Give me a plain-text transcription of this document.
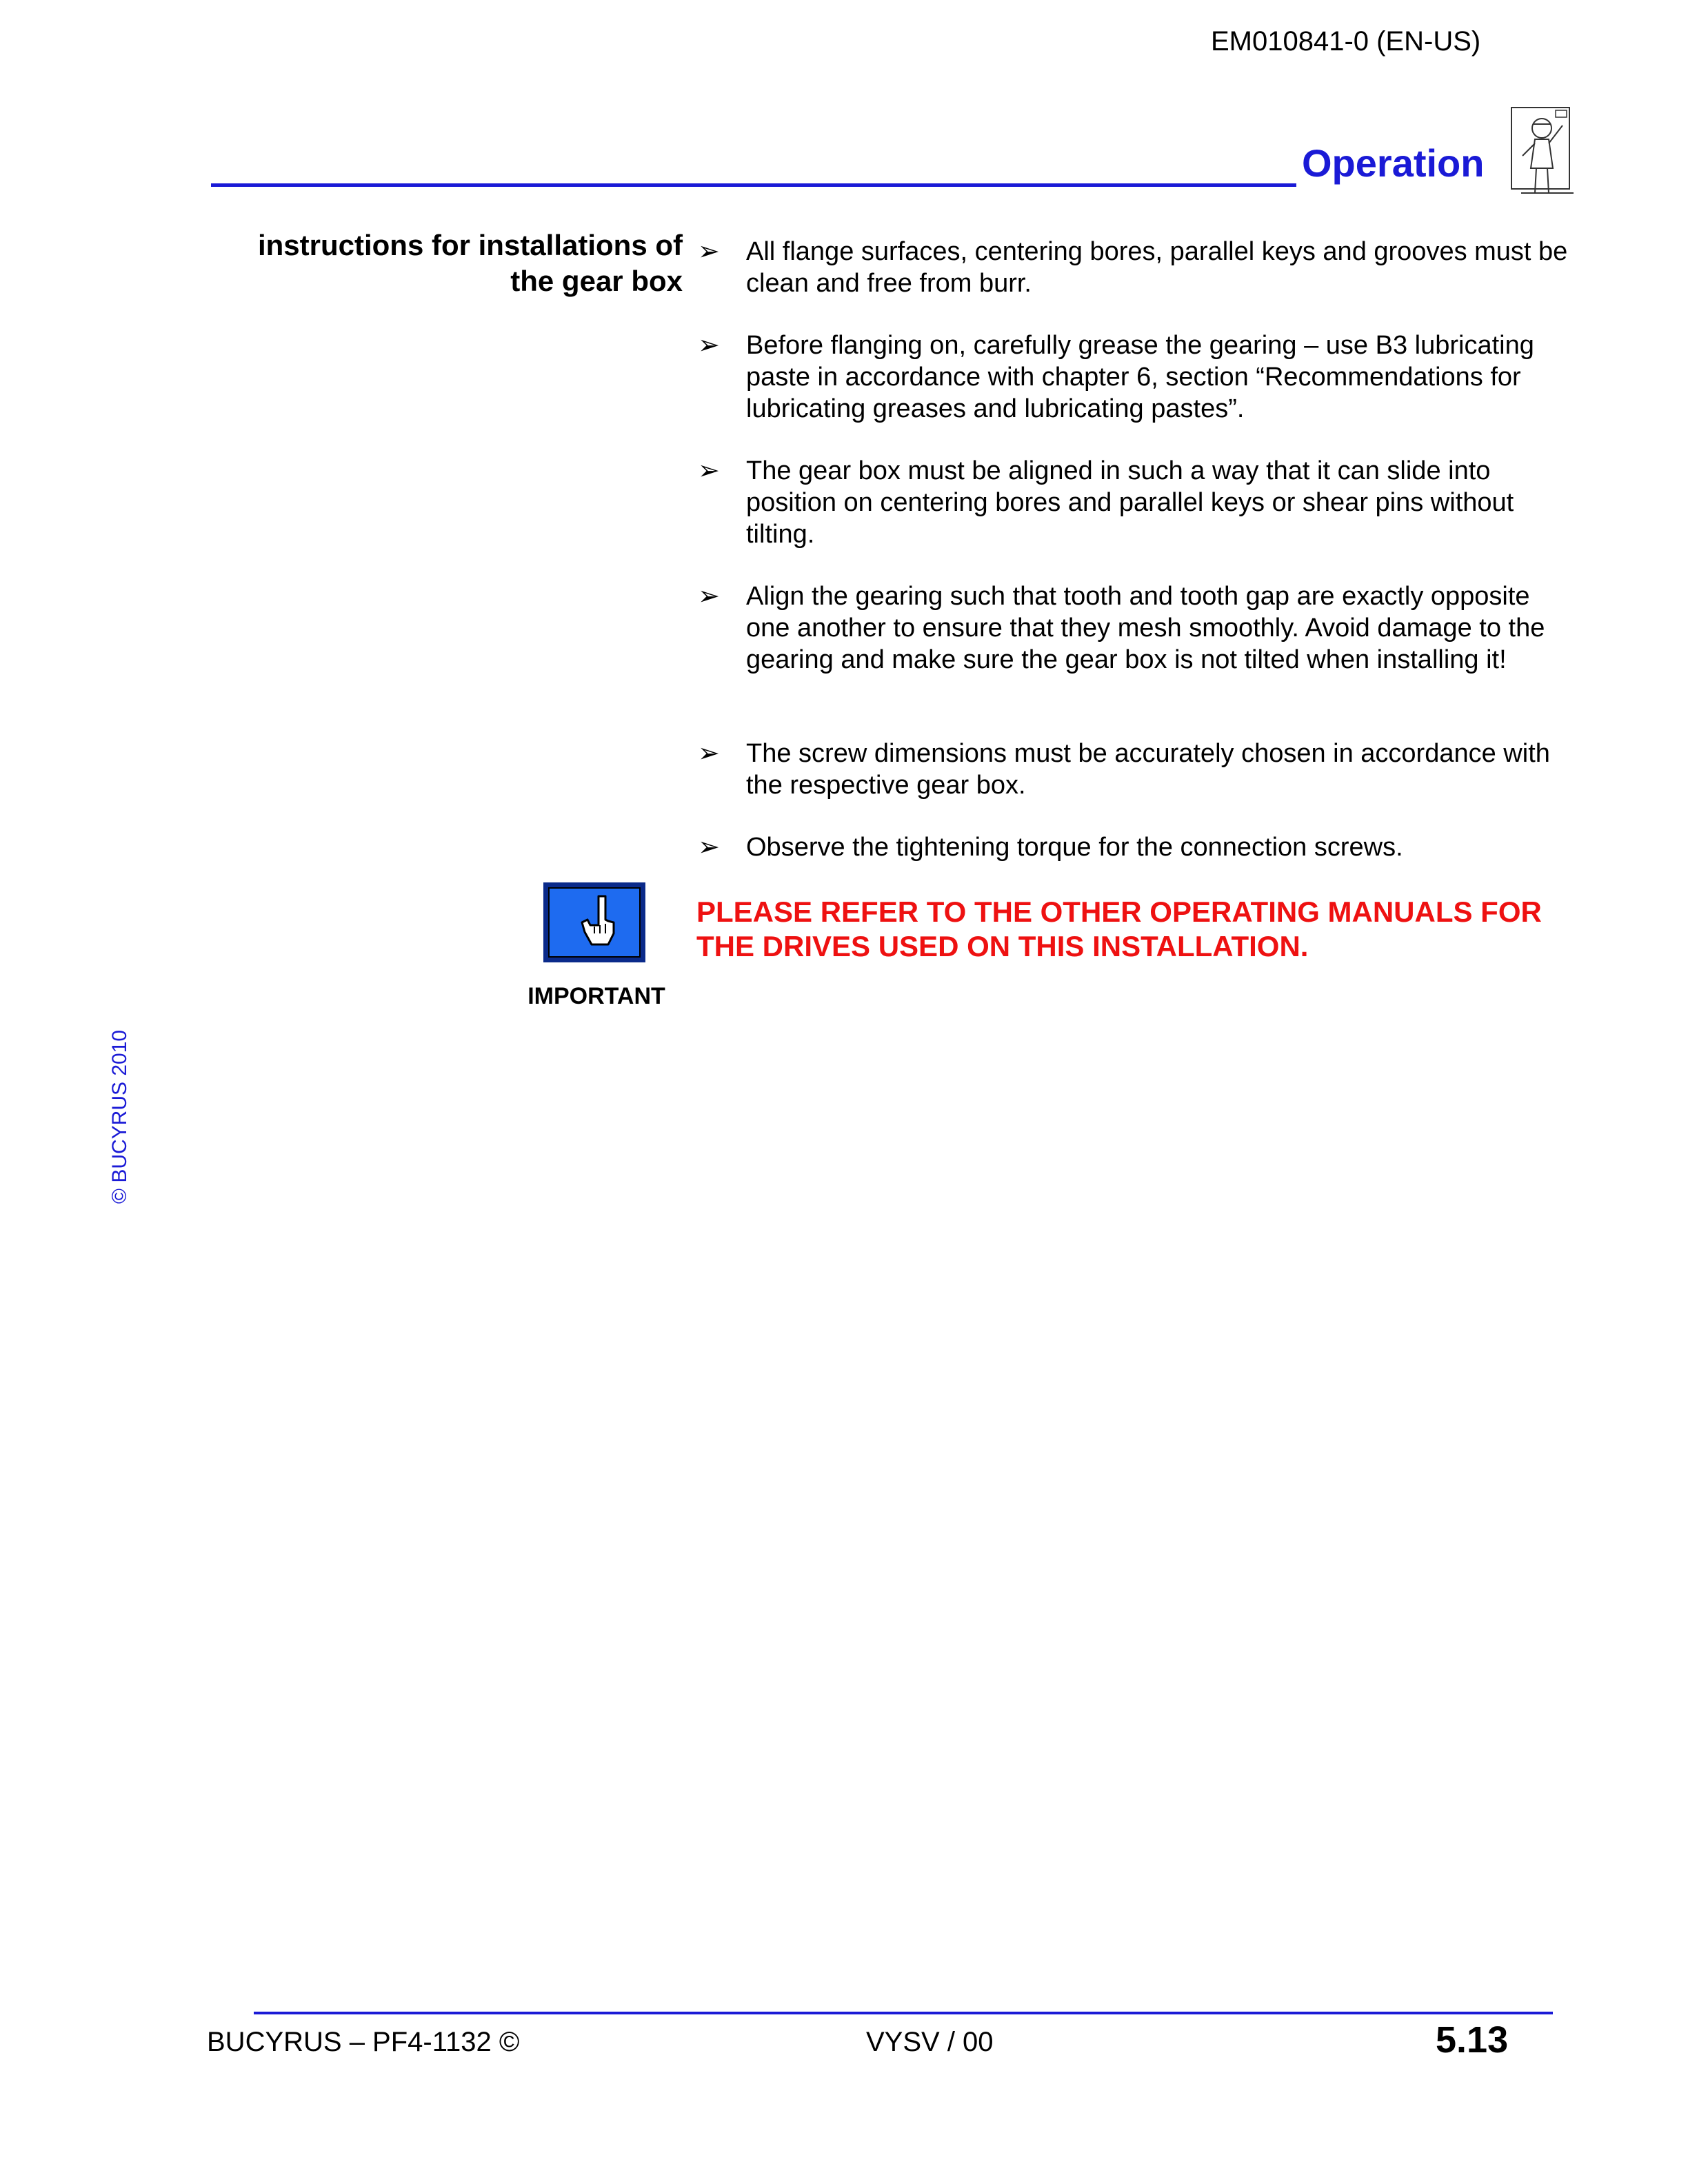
EM010841-0 (EN-US)
Operation
instructions for installations of the gear box
➢ All flange surfaces, centering bores, parallel keys and grooves must be clean and free from burr.
➢ Before flanging on, carefully grease the gearing – use B3 lubricating paste in accordance with chapter 6, section “Recommendations for lubricating greases and lubricating pastes”.
➢ The gear box must be aligned in such a way that it can slide into position on centering bores and parallel keys or shear pins without tilting.
➢ Align the gearing such that tooth and tooth gap are exactly opposite one another to ensure that they mesh smoothly. Avoid damage to the gearing and make sure the gear box is not tilted when installing it!
➢ The screw dimensions must be accurately chosen in accordance with the respective gear box.
➢ Observe the tightening torque for the connection screws.
IMPORTANT
PLEASE REFER TO THE OTHER OPERATING MANUALS FOR THE DRIVES USED ON THIS INSTALLATION.
© BUCYRUS 2010
BUCYRUS – PF4-1132 ©	VYSV / 00	5.13
